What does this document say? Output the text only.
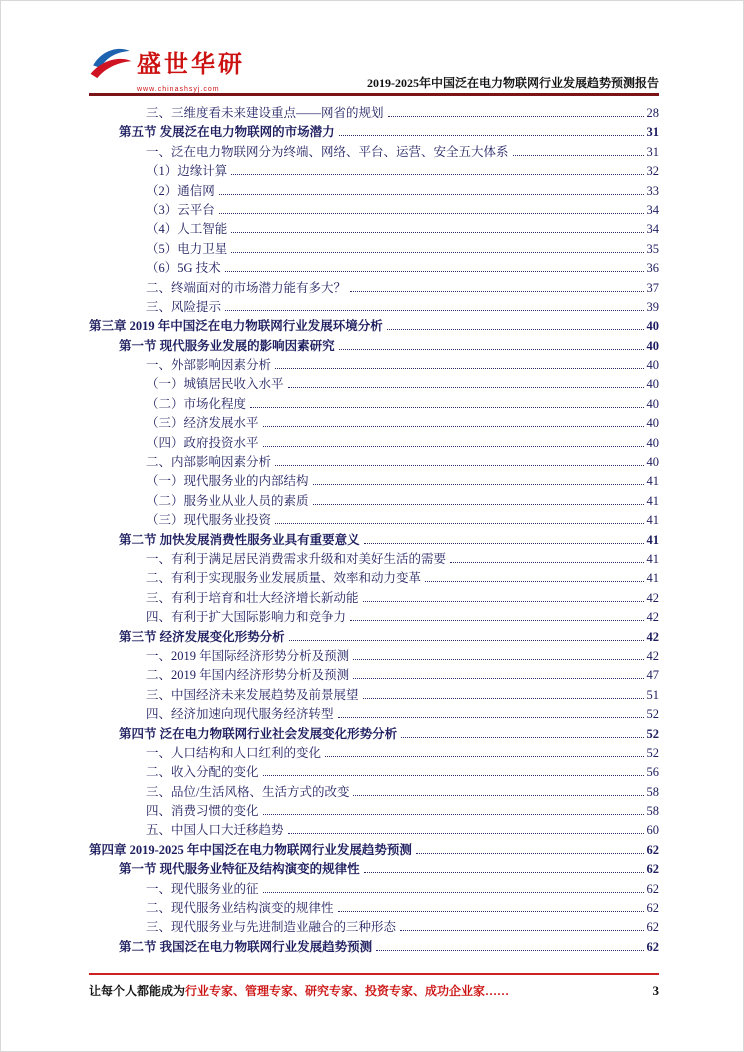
盛世华研
www.chinashsyj.com	2019-2025年中国泛在电力物联网行业发展趋势预测报告
三、三维度看未来建设重点——网省的规划	28
第五节 发展泛在电力物联网的市场潜力	31
一、泛在电力物联网分为终端、网络、平台、运营、安全五大体系	31
（1）边缘计算	32
（2）通信网	33
（3）云平台	34
（4）人工智能	34
（5）电力卫星	35
（6）5G 技术	36
二、终端面对的市场潜力能有多大？	37
三、风险提示	39
第三章 2019 年中国泛在电力物联网行业发展环境分析	40
第一节 现代服务业发展的影响因素研究	40
一、外部影响因素分析	40
（一）城镇居民收入水平	40
（二）市场化程度	40
（三）经济发展水平	40
（四）政府投资水平	40
二、内部影响因素分析	40
（一）现代服务业的内部结构	41
（二）服务业从业人员的素质	41
（三）现代服务业投资	41
第二节 加快发展消费性服务业具有重要意义	41
一、有利于满足居民消费需求升级和对美好生活的需要	41
二、有利于实现服务业发展质量、效率和动力变革	41
三、有利于培育和壮大经济增长新动能	42
四、有利于扩大国际影响力和竞争力	42
第三节 经济发展变化形势分析	42
一、2019 年国际经济形势分析及预测	42
二、2019 年国内经济形势分析及预测	47
三、中国经济未来发展趋势及前景展望	51
四、经济加速向现代服务经济转型	52
第四节 泛在电力物联网行业社会发展变化形势分析	52
一、人口结构和人口红利的变化	52
二、收入分配的变化	56
三、品位/生活风格、生活方式的改变	58
四、消费习惯的变化	58
五、中国人口大迁移趋势	60
第四章 2019-2025 年中国泛在电力物联网行业发展趋势预测	62
第一节 现代服务业特征及结构演变的规律性	62
一、现代服务业的征	62
二、现代服务业结构演变的规律性	62
三、现代服务业与先进制造业融合的三种形态	62
第二节 我国泛在电力物联网行业发展趋势预测	62
让每个人都能成为行业专家、管理专家、研究专家、投资专家、成功企业家……	3
